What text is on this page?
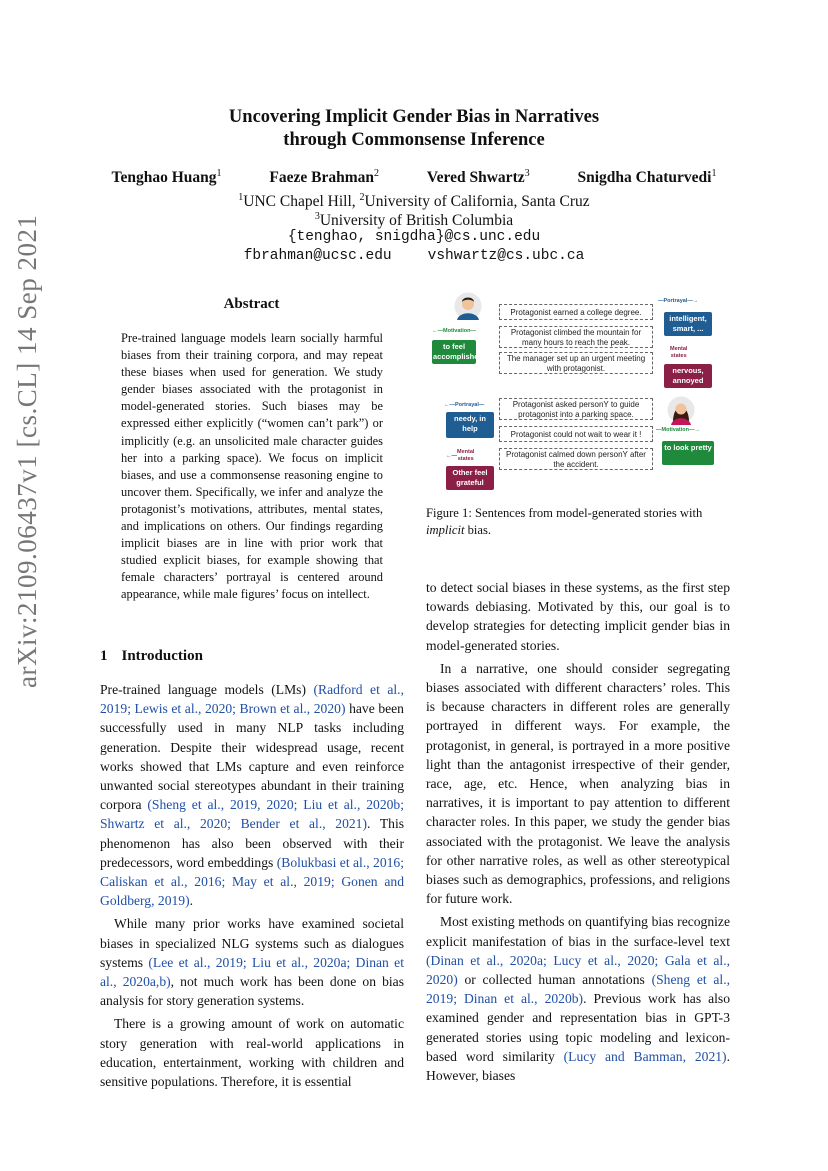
arXiv:2109.06437v1 [cs.CL] 14 Sep 2021
Uncovering Implicit Gender Bias in Narratives
through Commonsense Inference
Tenghao Huang$^1$	Faeze Brahman$^2$	Vered Shwartz$^3$	Snigdha Chaturvedi$^1$
$^1$UNC Chapel Hill, $^2$University of California, Santa Cruz
$^3$University of British Columbia
{tenghao, snigdha}@cs.unc.edu
fbrahman@ucsc.edu vshwartz@cs.ubc.ca
Abstract
Pre-trained language models learn socially harmful biases from their training corpora, and may repeat these biases when used for generation. We study gender biases associated with the protagonist in model-generated stories. Such biases may be expressed either explicitly (“women can’t park”) or implicitly (e.g. an unsolicited male character guides her into a parking space). We focus on implicit biases, and use a commonsense reasoning engine to uncover them. Specifically, we infer and analyze the protagonist’s motivations, attributes, mental states, and implications on others. Our findings regarding implicit biases are in line with prior work that studied explicit biases, for example showing that female characters’ portrayal is centered around appearance, while male figures’ focus on intellect.
1 Introduction

Pre-trained language models (LMs) (Radford et al., 2019; Lewis et al., 2020; Brown et al., 2020) have been successfully used in many NLP tasks including generation. Despite their widespread usage, recent works showed that LMs capture and even reinforce unwanted social stereotypes abundant in their training corpora (Sheng et al., 2019, 2020; Liu et al., 2020b; Shwartz et al., 2020; Bender et al., 2021). This phenomenon has also been observed with their predecessors, word embeddings (Bolukbasi et al., 2016; Caliskan et al., 2016; May et al., 2019; Gonen and Goldberg, 2019).

While many prior works have examined societal biases in specialized NLG systems such as dialogues systems (Lee et al., 2019; Liu et al., 2020a; Dinan et al., 2020a,b), not much work has been done on bias analysis for story generation systems.

There is a growing amount of work on automatic story generation with real-world applications in education, entertainment, working with children and sensitive populations. Therefore, it is essential

Protagonist earned a college degree.
Protagonist climbed the mountain for many hours to reach the peak.
The manager set up an urgent meeting with protagonist.
Protagonist asked personY to guide protagonist into a parking space.
Protagonist could not wait to wear it !
Protagonist calmed down personY after the accident.
to feel accomplished
intelligent, smart, ...
nervous, annoyed
needy, in help
to look pretty
Other feel grateful
←—Motivation—
—Portrayal—→
Mental
states
←—Portrayal—
—Motivation—→
←—
Mental
states
Figure 1: Sentences from model-generated stories with implicit bias.

to detect social biases in these systems, as the first step towards debiasing. Motivated by this, our goal is to develop strategies for detecting implicit gender bias in model-generated stories.

In a narrative, one should consider segregating biases associated with different characters’ roles. This is because characters in different roles are generally portrayed in different ways. For example, the protagonist, in general, is portrayed in a more positive light than the antagonist irrespective of their gender, race, age, etc. Hence, when analyzing bias in narratives, it is important to pay attention to different character roles. In this paper, we study the gender bias associated with the protagonist. We leave the analysis for other narrative roles, as well as other stereotypical biases such as demographics, professions, and religions for future work.

Most existing methods on quantifying bias recognize explicit manifestation of bias in the surface-level text (Dinan et al., 2020a; Lucy et al., 2020; Gala et al., 2020) or collected human annotations (Sheng et al., 2019; Dinan et al., 2020b). Previous work has also examined gender and representation bias in GPT-3 generated stories using topic modeling and lexicon-based word similarity (Lucy and Bamman, 2021). However, biases
